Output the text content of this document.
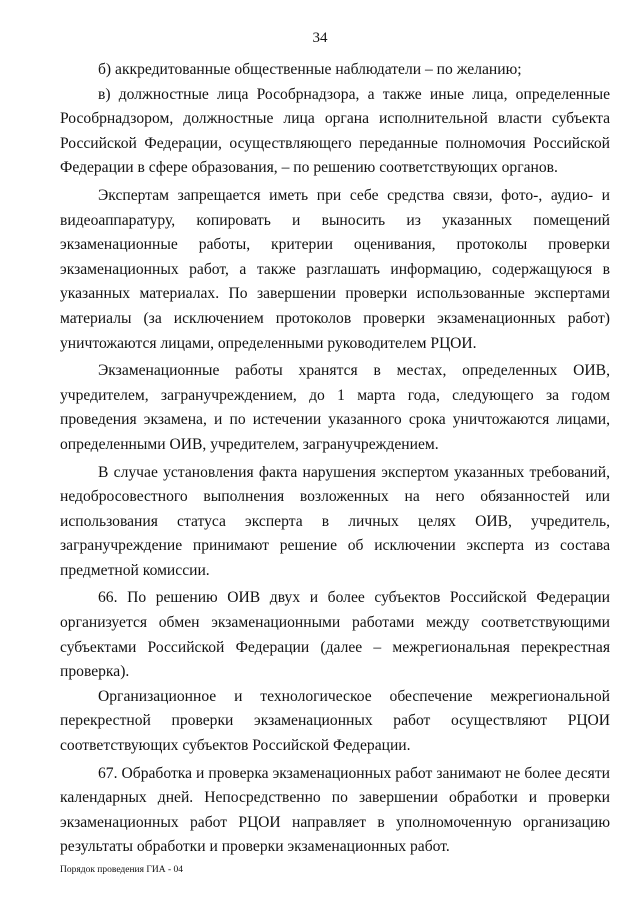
34

б) аккредитованные общественные наблюдатели – по желанию;

в) должностные лица Рособрнадзора, а также иные лица, определенные Рособрнадзором, должностные лица органа исполнительной власти субъекта Российской Федерации, осуществляющего переданные полномочия Российской Федерации в сфере образования, – по решению соответствующих органов.

Экспертам запрещается иметь при себе средства связи, фото-, аудио- и видеоаппаратуру, копировать и выносить из указанных помещений экзаменационные работы, критерии оценивания, протоколы проверки экзаменационных работ, а также разглашать информацию, содержащуюся в указанных материалах. По завершении проверки использованные экспертами материалы (за исключением протоколов проверки экзаменационных работ) уничтожаются лицами, определенными руководителем РЦОИ.

Экзаменационные работы хранятся в местах, определенных ОИВ, учредителем, загранучреждением, до 1 марта года, следующего за годом проведения экзамена, и по истечении указанного срока уничтожаются лицами, определенными ОИВ, учредителем, загранучреждением.

В случае установления факта нарушения экспертом указанных требований, недобросовестного выполнения возложенных на него обязанностей или использования статуса эксперта в личных целях ОИВ, учредитель, загранучреждение принимают решение об исключении эксперта из состава предметной комиссии.

66. По решению ОИВ двух и более субъектов Российской Федерации организуется обмен экзаменационными работами между соответствующими субъектами Российской Федерации (далее – межрегиональная перекрестная проверка).

Организационное и технологическое обеспечение межрегиональной перекрестной проверки экзаменационных работ осуществляют РЦОИ соответствующих субъектов Российской Федерации.

67. Обработка и проверка экзаменационных работ занимают не более десяти календарных дней. Непосредственно по завершении обработки и проверки экзаменационных работ РЦОИ направляет в уполномоченную организацию результаты обработки и проверки экзаменационных работ.

Порядок проведения ГИА - 04
